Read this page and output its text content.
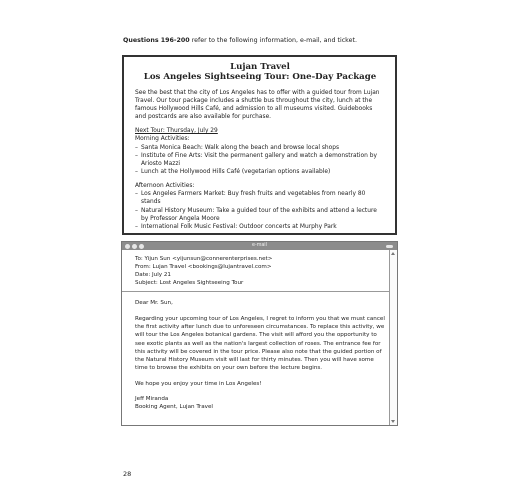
Questions 196-200 refer to the following information, e-mail, and ticket.
Lujan Travel
Los Angeles Sightseeing Tour: One-Day Package

See the best that the city of Los Angeles has to offer with a guided tour from Lujan Travel. Our tour package includes a shuttle bus throughout the city, lunch at the famous Hollywood Hills Café, and admission to all museums visited. Guidebooks and postcards are also available for purchase.

Next Tour: Thursday, July 29
Morning Activities:
– Santa Monica Beach: Walk along the beach and browse local shops
– Institute of Fine Arts: Visit the permanent gallery and watch a demonstration by Ariosto Mazzi
– Lunch at the Hollywood Hills Café (vegetarian options available)
Afternoon Activities:
– Los Angeles Farmers Market: Buy fresh fruits and vegetables from nearly 80 stands
– Natural History Museum: Take a guided tour of the exhibits and attend a lecture by Professor Angela Moore
– International Folk Music Festival: Outdoor concerts at Murphy Park
e-mail
To: Yijun Sun <yijunsun@connerenterprises.net>
From: Lujan Travel <bookings@lujantravel.com>
Date: July 21
Subject: Lost Angeles Sightseeing Tour

Dear Mr. Sun,

Regarding your upcoming tour of Los Angeles, I regret to inform you that we must cancel the first activity after lunch due to unforeseen circumstances. To replace this activity, we will tour the Los Angeles botanical gardens. The visit will afford you the opportunity to see exotic plants as well as the nation's largest collection of roses. The entrance fee for this activity will be covered in the tour price. Please also note that the guided portion of the Natural History Museum visit will last for thirty minutes. Then you will have some time to browse the exhibits on your own before the lecture begins.

We hope you enjoy your time in Los Angeles!

Jeff Miranda
Booking Agent, Lujan Travel
28
